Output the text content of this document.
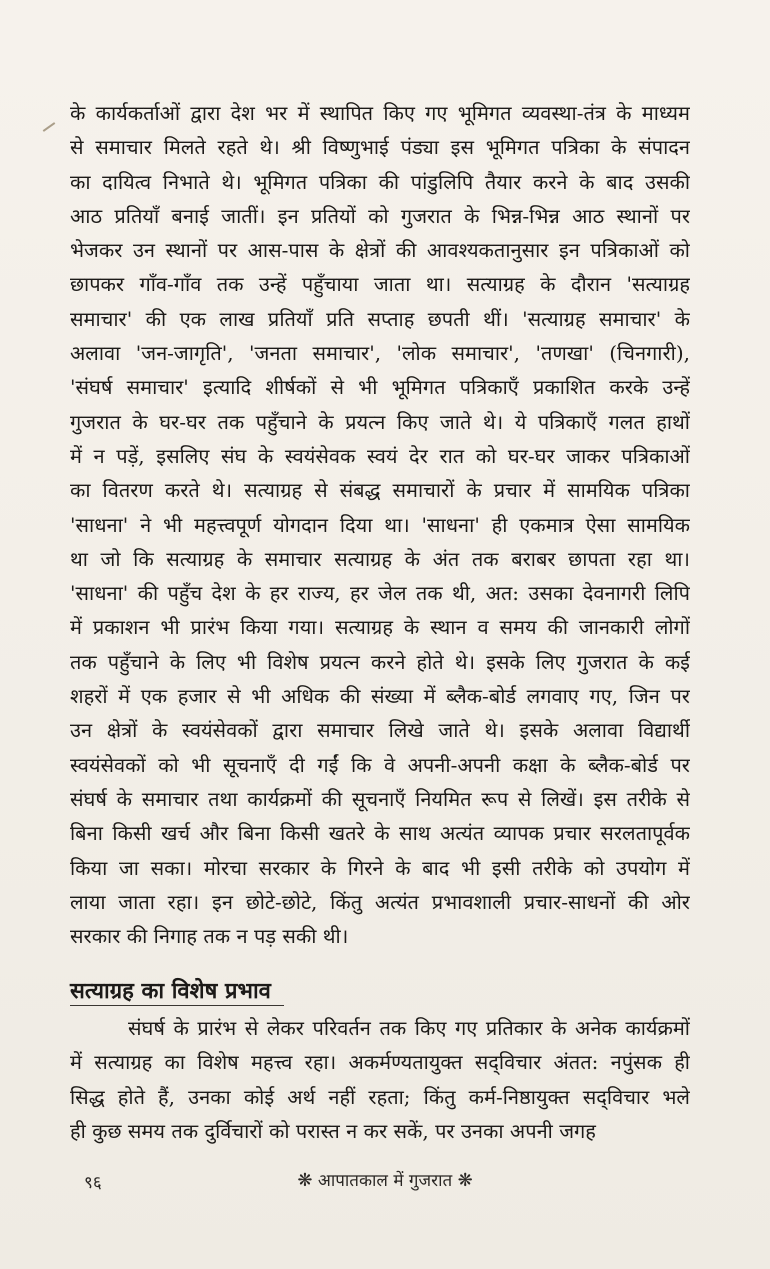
के कार्यकर्ताओं द्वारा देश भर में स्थापित किए गए भूमिगत व्यवस्था-तंत्र के माध्यम
से समाचार मिलते रहते थे। श्री विष्णुभाई पंड्या इस भूमिगत पत्रिका के संपादन
का दायित्व निभाते थे। भूमिगत पत्रिका की पांडुलिपि तैयार करने के बाद उसकी
आठ प्रतियाँ बनाई जातीं। इन प्रतियों को गुजरात के भिन्न-भिन्न आठ स्थानों पर
भेजकर उन स्थानों पर आस-पास के क्षेत्रों की आवश्यकतानुसार इन पत्रिकाओं को
छापकर गाँव-गाँव तक उन्हें पहुँचाया जाता था। सत्याग्रह के दौरान 'सत्याग्रह
समाचार' की एक लाख प्रतियाँ प्रति सप्ताह छपती थीं। 'सत्याग्रह समाचार' के
अलावा 'जन-जागृति', 'जनता समाचार', 'लोक समाचार', 'तणखा' (चिनगारी),
'संघर्ष समाचार' इत्यादि शीर्षकों से भी भूमिगत पत्रिकाएँ प्रकाशित करके उन्हें
गुजरात के घर-घर तक पहुँचाने के प्रयत्न किए जाते थे। ये पत्रिकाएँ गलत हाथों
में न पड़ें, इसलिए संघ के स्वयंसेवक स्वयं देर रात को घर-घर जाकर पत्रिकाओं
का वितरण करते थे। सत्याग्रह से संबद्ध समाचारों के प्रचार में सामयिक पत्रिका
'साधना' ने भी महत्त्वपूर्ण योगदान दिया था। 'साधना' ही एकमात्र ऐसा सामयिक
था जो कि सत्याग्रह के समाचार सत्याग्रह के अंत तक बराबर छापता रहा था।
'साधना' की पहुँच देश के हर राज्य, हर जेल तक थी, अत: उसका देवनागरी लिपि
में प्रकाशन भी प्रारंभ किया गया। सत्याग्रह के स्थान व समय की जानकारी लोगों
तक पहुँचाने के लिए भी विशेष प्रयत्न करने होते थे। इसके लिए गुजरात के कई
शहरों में एक हजार से भी अधिक की संख्या में ब्लैक-बोर्ड लगवाए गए, जिन पर
उन क्षेत्रों के स्वयंसेवकों द्वारा समाचार लिखे जाते थे। इसके अलावा विद्यार्थी
स्वयंसेवकों को भी सूचनाएँ दी गईं कि वे अपनी-अपनी कक्षा के ब्लैक-बोर्ड पर
संघर्ष के समाचार तथा कार्यक्रमों की सूचनाएँ नियमित रूप से लिखें। इस तरीके से
बिना किसी खर्च और बिना किसी खतरे के साथ अत्यंत व्यापक प्रचार सरलतापूर्वक
किया जा सका। मोरचा सरकार के गिरने के बाद भी इसी तरीके को उपयोग में
लाया जाता रहा। इन छोटे-छोटे, किंतु अत्यंत प्रभावशाली प्रचार-साधनों की ओर
सरकार की निगाह तक न पड़ सकी थी।

सत्याग्रह का विशेष प्रभाव

संघर्ष के प्रारंभ से लेकर परिवर्तन तक किए गए प्रतिकार के अनेक कार्यक्रमों
में सत्याग्रह का विशेष महत्त्व रहा। अकर्मण्यतायुक्त सद्‌विचार अंतत: नपुंसक ही
सिद्ध होते हैं, उनका कोई अर्थ नहीं रहता; किंतु कर्म-निष्ठायुक्त सद्‌विचार भले
ही कुछ समय तक दुर्विचारों को परास्त न कर सकें, पर उनका अपनी जगह

९६	❋ आपातकाल में गुजरात ❋
